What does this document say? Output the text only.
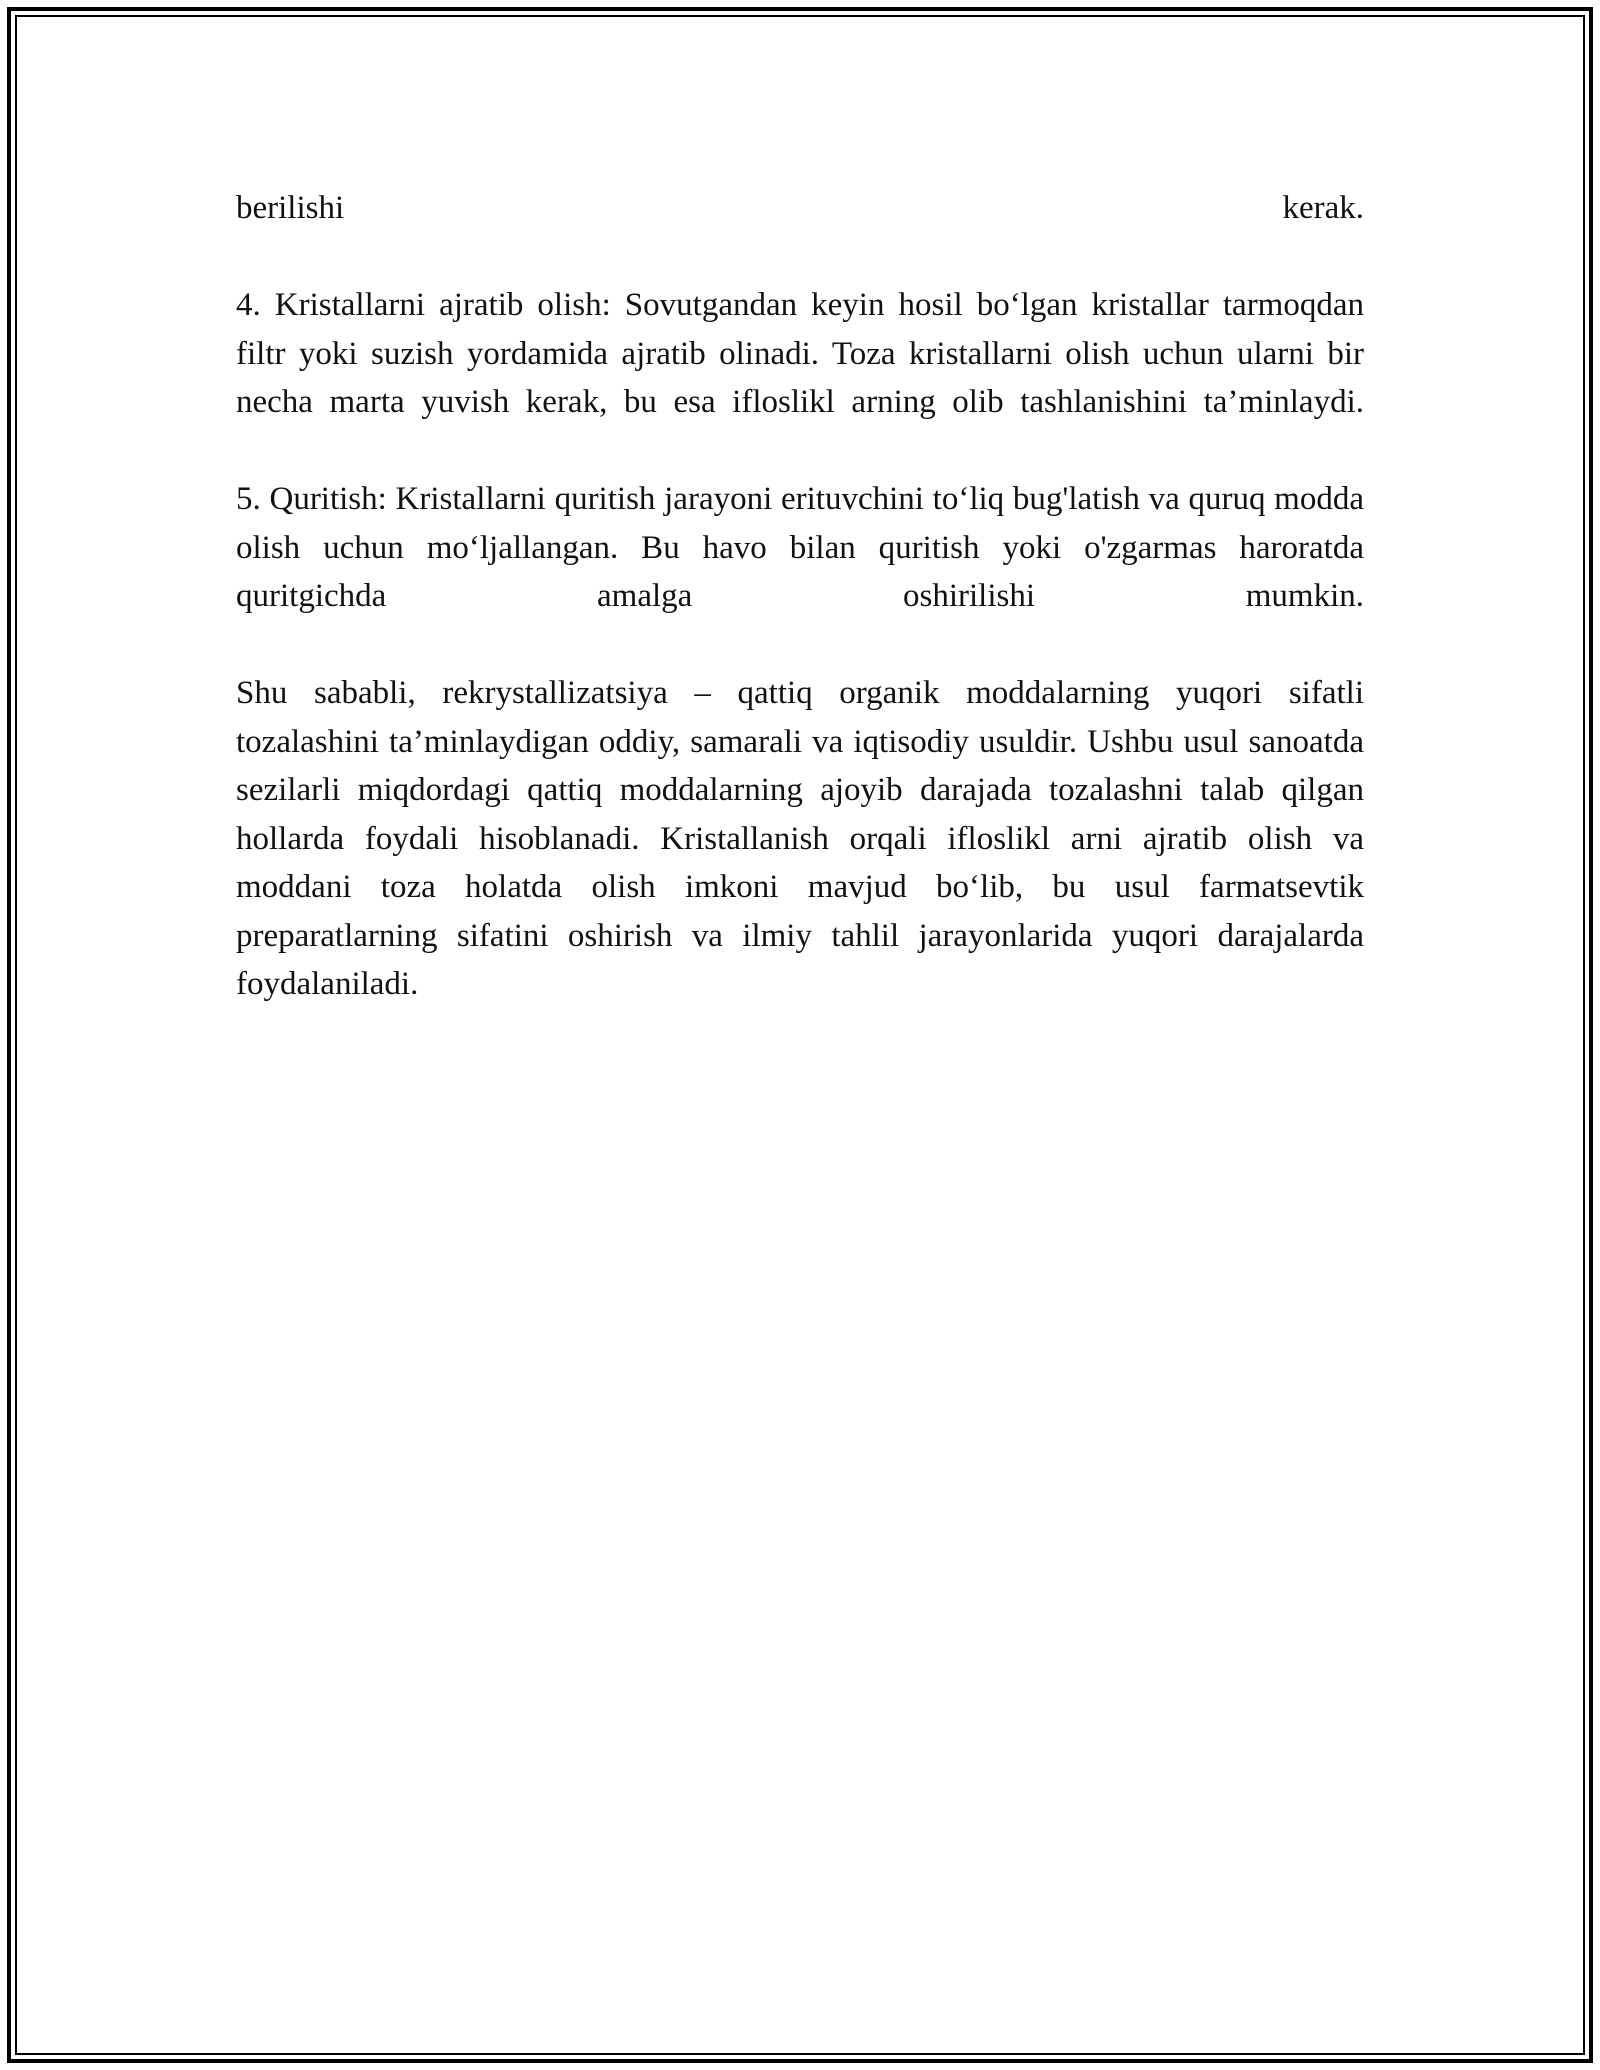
berilishi	kerak.

4. Kristallarni ajratib olish: Sovutgandan keyin hosil bo‘lgan kristallar tarmoqdan filtr yoki suzish yordamida ajratib olinadi. Toza kristallarni olish uchun ularni bir necha marta yuvish kerak, bu esa ifloslikl arning olib tashlanishini ta’minlaydi.

5. Quritish: Kristallarni quritish jarayoni erituvchini to‘liq bug'latish va quruq modda olish uchun mo‘ljallangan. Bu havo bilan quritish yoki o'zgarmas haroratda quritgichda amalga oshirilishi mumkin.

Shu sababli, rekrystallizatsiya – qattiq organik moddalarning yuqori sifatli tozalashini ta’minlaydigan oddiy, samarali va iqtisodiy usuldir. Ushbu usul sanoatda sezilarli miqdordagi qattiq moddalarning ajoyib darajada tozalashni talab qilgan hollarda foydali hisoblanadi. Kristallanish orqali ifloslikl arni ajratib olish va moddani toza holatda olish imkoni mavjud bo‘lib, bu usul farmatsevtik preparatlarning sifatini oshirish va ilmiy tahlil jarayonlarida yuqori darajalarda foydalaniladi.
